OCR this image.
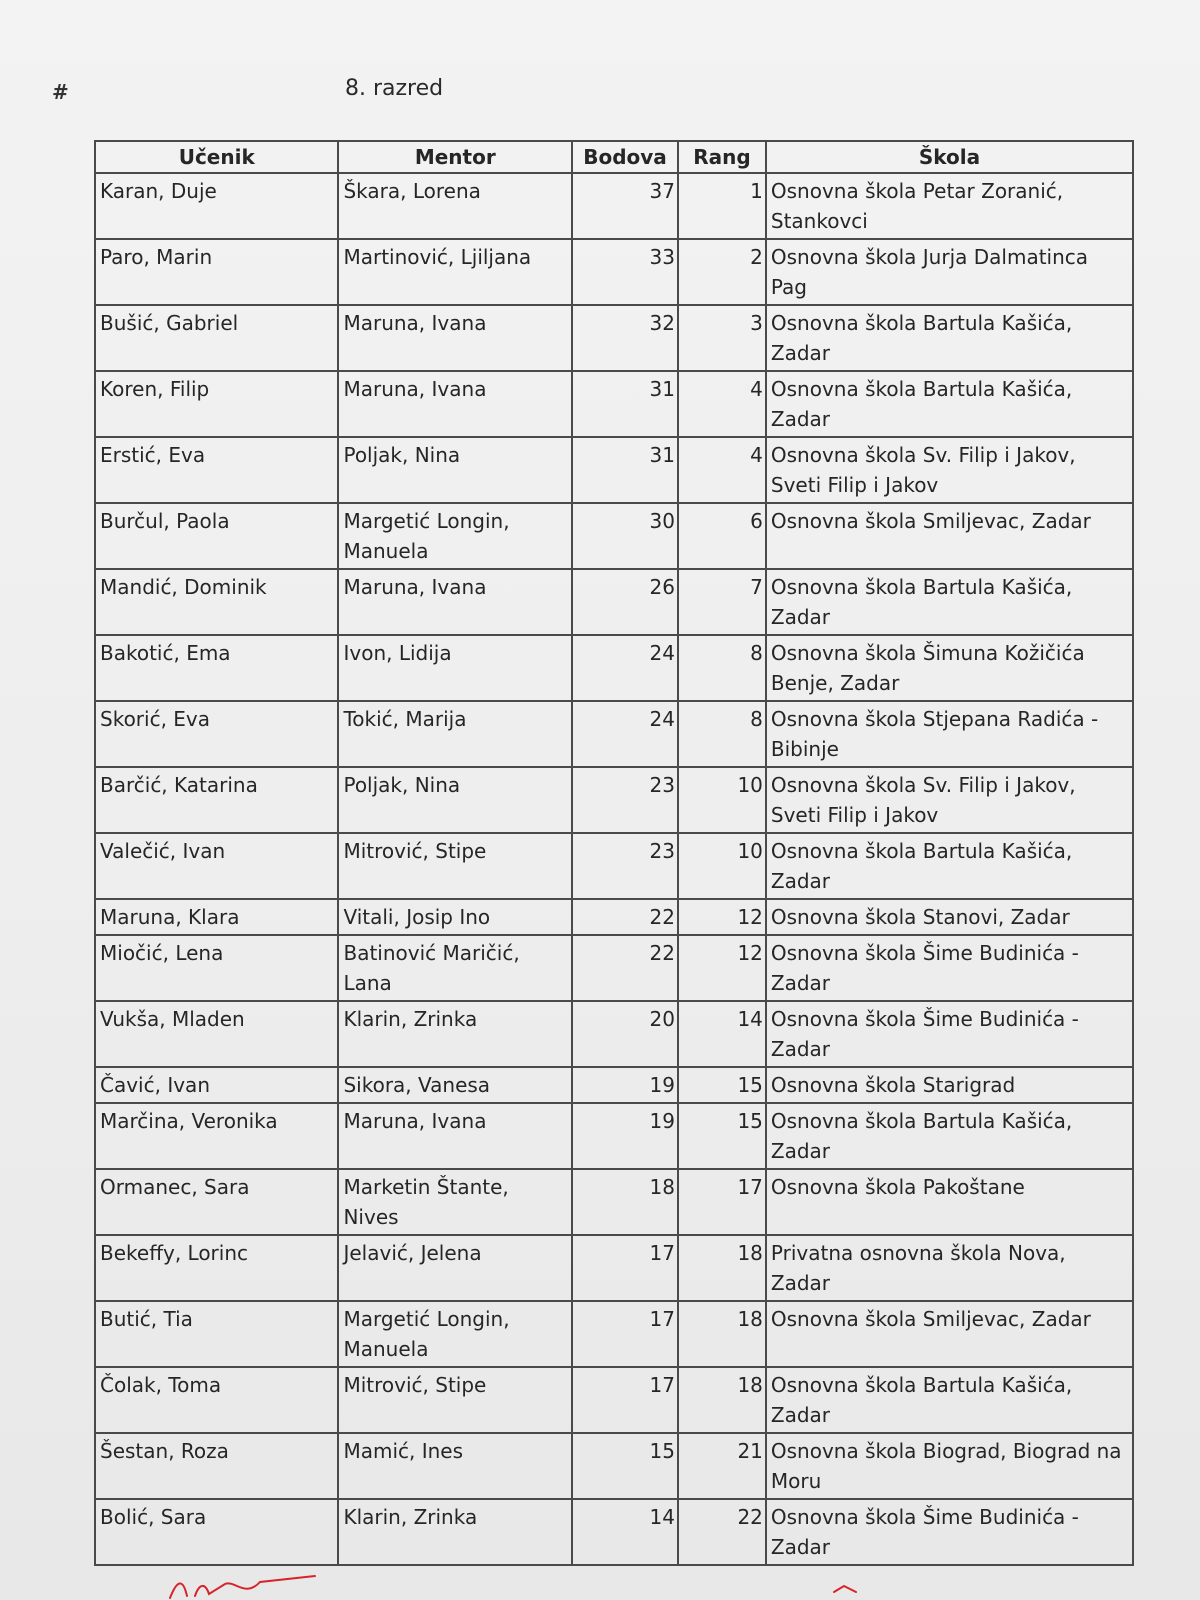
#	8. razred
Učenik	Mentor	Bodova	Rang	Škola
Karan, Duje	Škara, Lorena	37	1	Osnovna škola Petar Zoranić, Stankovci
Paro, Marin	Martinović, Ljiljana	33	2	Osnovna škola Jurja Dalmatinca Pag
Bušić, Gabriel	Maruna, Ivana	32	3	Osnovna škola Bartula Kašića, Zadar
Koren, Filip	Maruna, Ivana	31	4	Osnovna škola Bartula Kašića, Zadar
Erstić, Eva	Poljak, Nina	31	4	Osnovna škola Sv. Filip i Jakov, Sveti Filip i Jakov
Burčul, Paola	Margetić Longin, Manuela	30	6	Osnovna škola Smiljevac, Zadar
Mandić, Dominik	Maruna, Ivana	26	7	Osnovna škola Bartula Kašića, Zadar
Bakotić, Ema	Ivon, Lidija	24	8	Osnovna škola Šimuna Kožičića Benje, Zadar
Skorić, Eva	Tokić, Marija	24	8	Osnovna škola Stjepana Radića - Bibinje
Barčić, Katarina	Poljak, Nina	23	10	Osnovna škola Sv. Filip i Jakov, Sveti Filip i Jakov
Valečić, Ivan	Mitrović, Stipe	23	10	Osnovna škola Bartula Kašića, Zadar
Maruna, Klara	Vitali, Josip Ino	22	12	Osnovna škola Stanovi, Zadar
Miočić, Lena	Batinović Maričić, Lana	22	12	Osnovna škola Šime Budinića - Zadar
Vukša, Mladen	Klarin, Zrinka	20	14	Osnovna škola Šime Budinića - Zadar
Čavić, Ivan	Sikora, Vanesa	19	15	Osnovna škola Starigrad
Marčina, Veronika	Maruna, Ivana	19	15	Osnovna škola Bartula Kašića, Zadar
Ormanec, Sara	Marketin Štante, Nives	18	17	Osnovna škola Pakoštane
Bekeffy, Lorinc	Jelavić, Jelena	17	18	Privatna osnovna škola Nova, Zadar
Butić, Tia	Margetić Longin, Manuela	17	18	Osnovna škola Smiljevac, Zadar
Čolak, Toma	Mitrović, Stipe	17	18	Osnovna škola Bartula Kašića, Zadar
Šestan, Roza	Mamić, Ines	15	21	Osnovna škola Biograd, Biograd na Moru
Bolić, Sara	Klarin, Zrinka	14	22	Osnovna škola Šime Budinića - Zadar
